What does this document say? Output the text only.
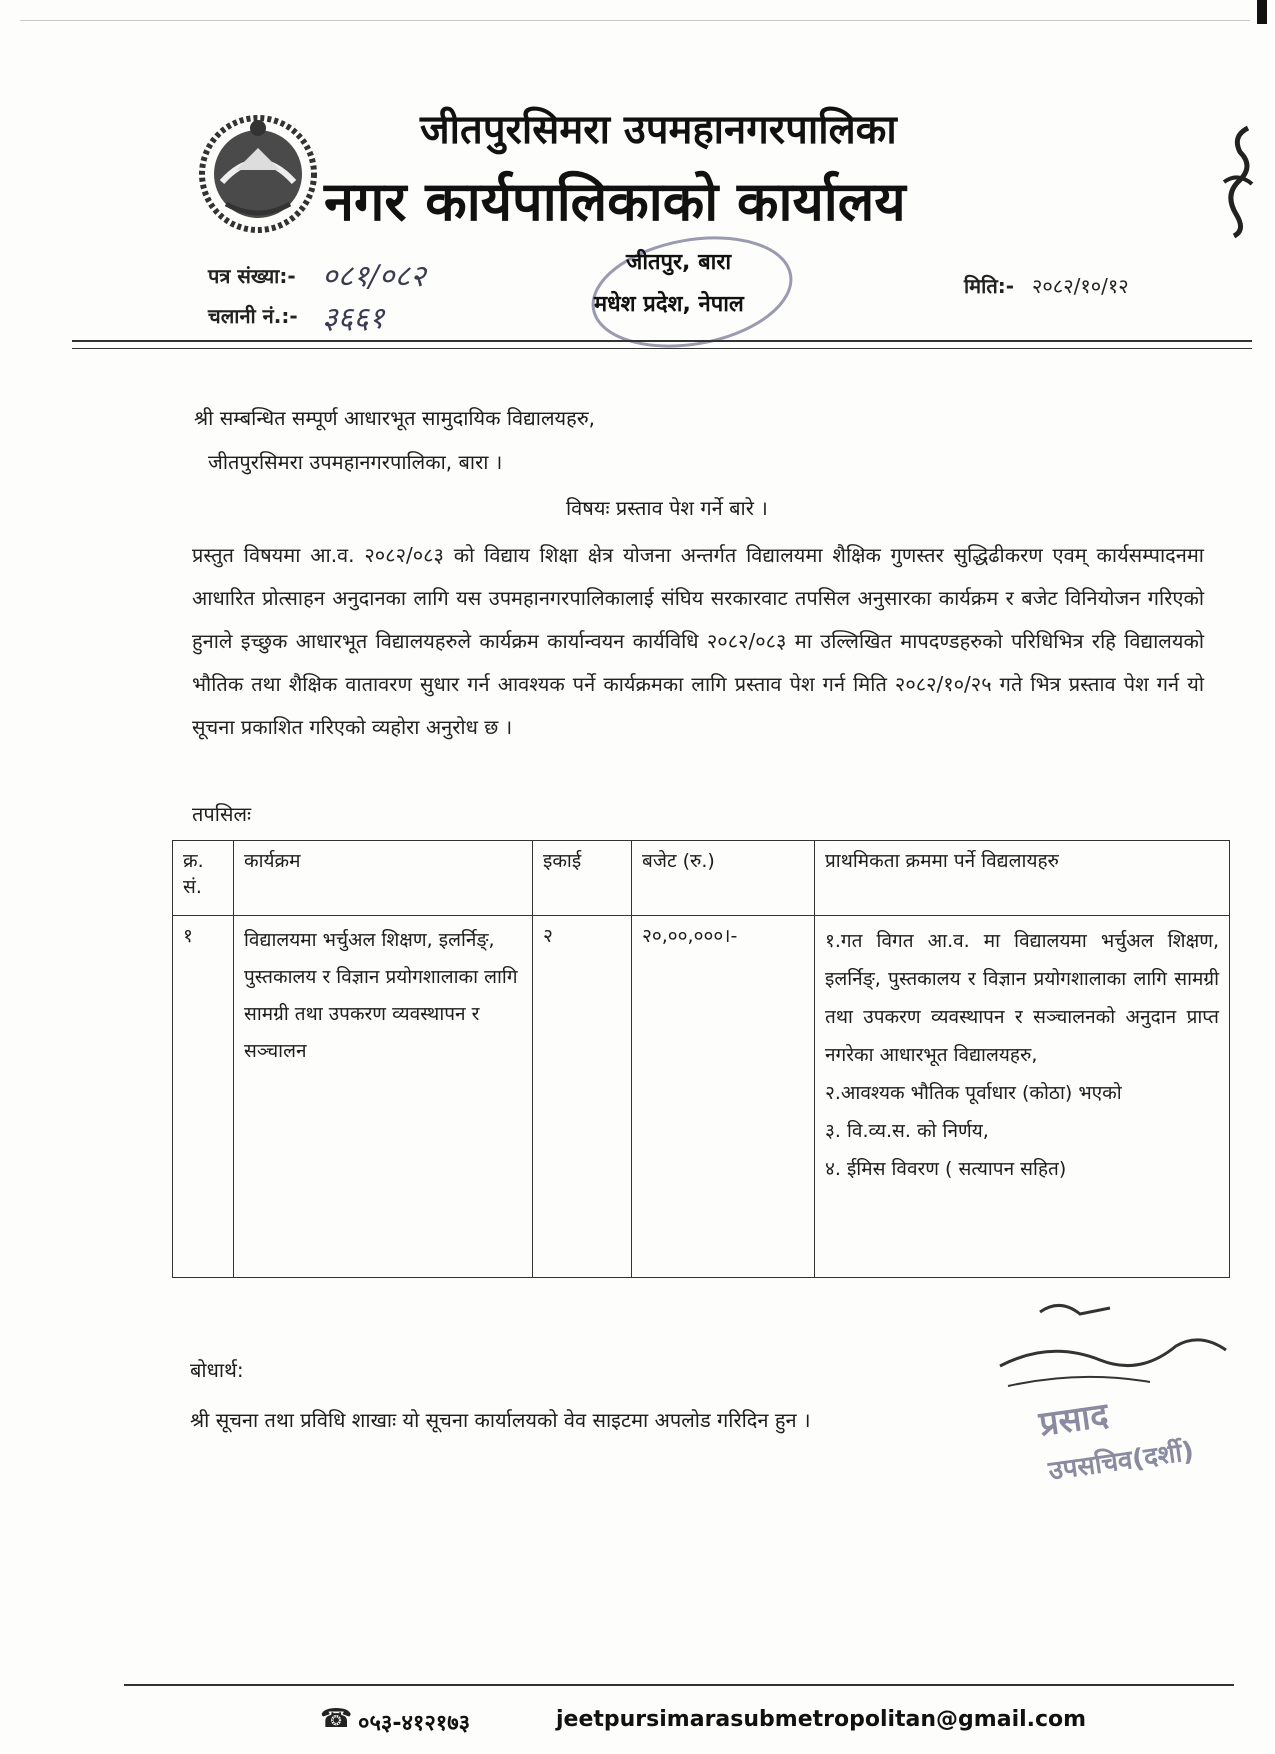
जीतपुरसिमरा उपमहानगरपालिका
नगर कार्यपालिकाको कार्यालय
पत्र संख्या:- ०८१/०८२
चलानी नं.:- ३६६१
जीतपुर, बारा
मधेश प्रदेश, नेपाल
मिति:- २०८२/१०/१२
श्री सम्बन्धित सम्पूर्ण आधारभूत सामुदायिक विद्यालयहरु,
जीतपुरसिमरा उपमहानगरपालिका, बारा ।
विषयः प्रस्ताव पेश गर्ने बारे ।
प्रस्तुत विषयमा आ.व. २०८२/०८३ को विद्याय शिक्षा क्षेत्र योजना अन्तर्गत विद्यालयमा शैक्षिक गुणस्तर सुद्धिढीकरण एवम् कार्यसम्पादनमा आधारित प्रोत्साहन अनुदानका लागि यस उपमहानगरपालिकालाई संघिय सरकारवाट तपसिल अनुसारका कार्यक्रम र बजेट विनियोजन गरिएको हुनाले इच्छुक आधारभूत विद्यालयहरुले कार्यक्रम कार्यान्वयन कार्यविधि २०८२/०८३ मा उल्लिखित मापदण्डहरुको परिधिभित्र रहि विद्यालयको भौतिक तथा शैक्षिक वातावरण सुधार गर्न आवश्यक पर्ने कार्यक्रमका लागि प्रस्ताव पेश गर्न मिति २०८२/१०/२५ गते भित्र प्रस्ताव पेश गर्न यो सूचना प्रकाशित गरिएको व्यहोरा अनुरोध छ ।
तपसिलः
क्र. सं.	कार्यक्रम	इकाई	बजेट (रु.)	प्राथमिकता क्रममा पर्ने विद्यलायहरु
१	विद्यालयमा भर्चुअल शिक्षण, इलर्निङ्, पुस्तकालय र विज्ञान प्रयोगशालाका लागि सामग्री तथा उपकरण व्यवस्थापन र सञ्चालन	२	२०,००,०००।-	१.गत विगत आ.व. मा विद्यालयमा भर्चुअल शिक्षण, इलर्निङ्, पुस्तकालय र विज्ञान प्रयोगशालाका लागि सामग्री तथा उपकरण व्यवस्थापन र सञ्चालनको अनुदान प्राप्त नगरेका आधारभूत विद्यालयहरु,
२.आवश्यक भौतिक पूर्वाधार (कोठा) भएको
३. वि.व्य.स. को निर्णय,
४. ईमिस विवरण ( सत्यापन सहित)
बोधार्थ:
श्री सूचना तथा प्रविधि शाखाः यो सूचना कार्यालयको वेव साइटमा अपलोड गरिदिन हुन ।	प्रसाद
उपसचिव(दर्शी)
☎ ०५३-४१२१७३	jeetpursimarasubmetropolitan@gmail.com
